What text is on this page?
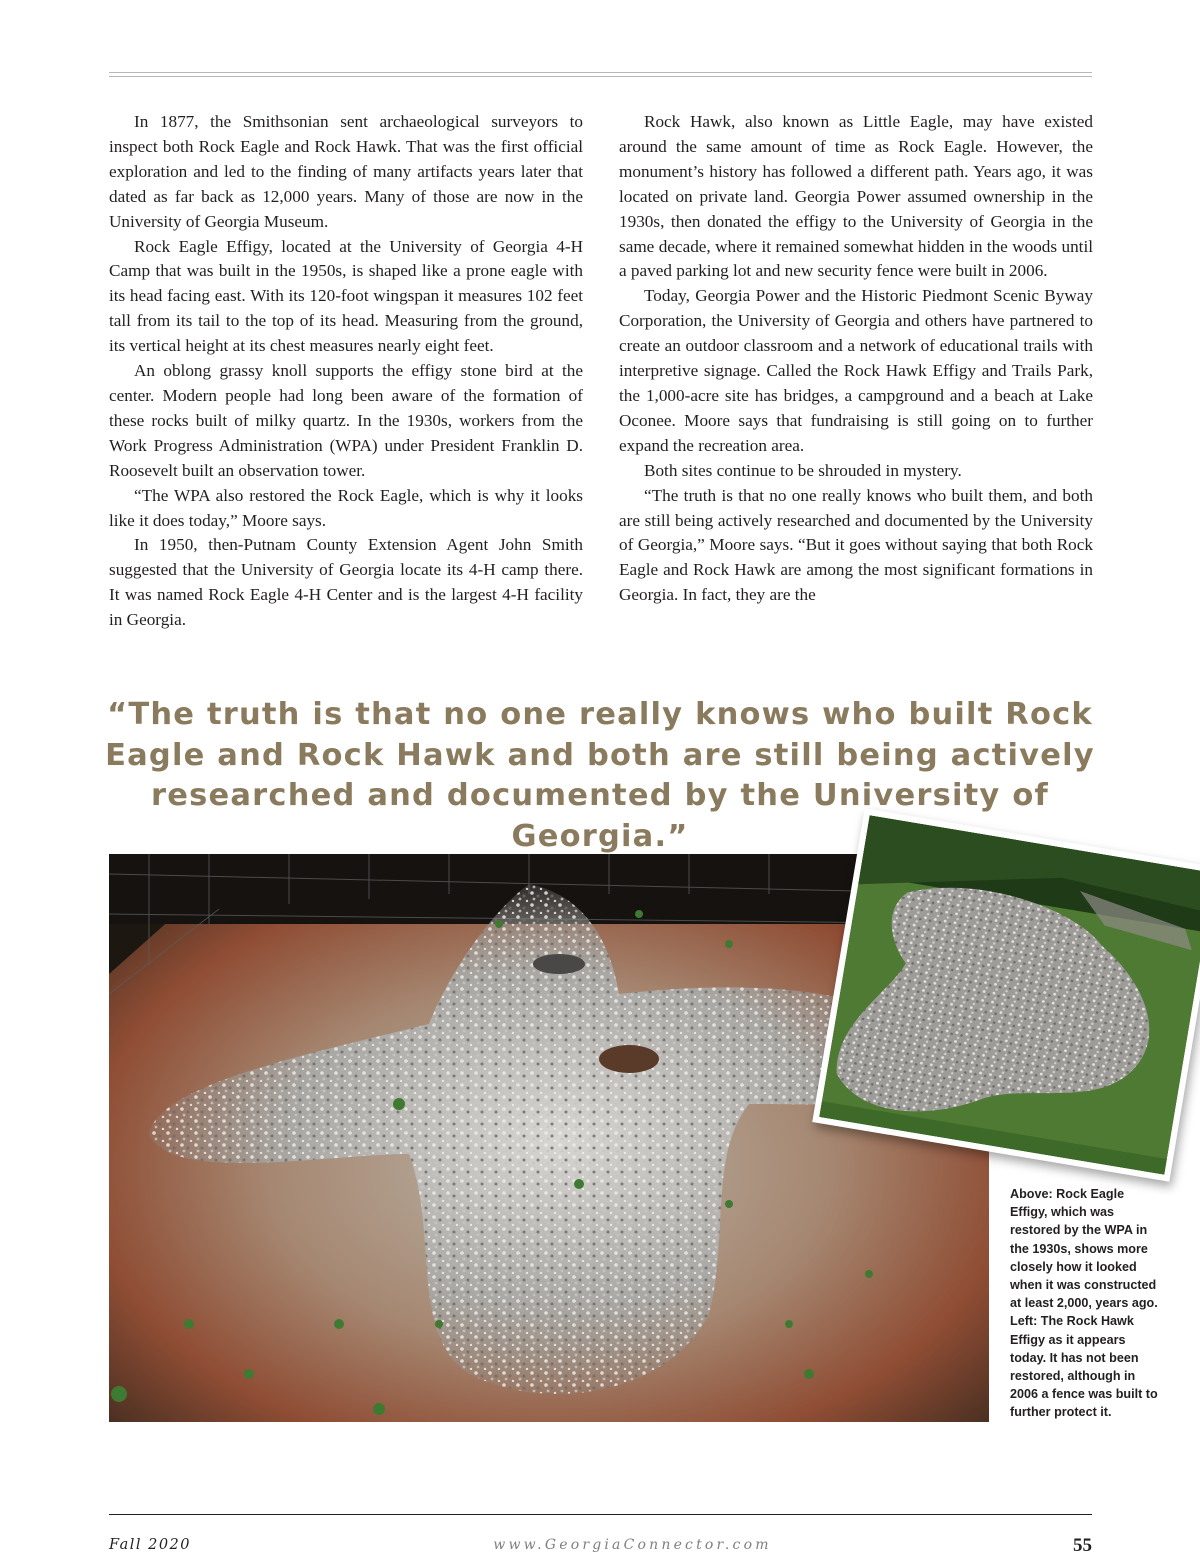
In 1877, the Smithsonian sent archaeological surveyors to inspect both Rock Eagle and Rock Hawk. That was the first official exploration and led to the finding of many artifacts years later that dated as far back as 12,000 years. Many of those are now in the University of Georgia Museum.

Rock Eagle Effigy, located at the University of Georgia 4-H Camp that was built in the 1950s, is shaped like a prone eagle with its head facing east. With its 120-foot wingspan it measures 102 feet tall from its tail to the top of its head. Measuring from the ground, its vertical height at its chest measures nearly eight feet.

An oblong grassy knoll supports the effigy stone bird at the center. Modern people had long been aware of the formation of these rocks built of milky quartz. In the 1930s, workers from the Work Progress Administration (WPA) under President Franklin D. Roosevelt built an observation tower.

“The WPA also restored the Rock Eagle, which is why it looks like it does today,” Moore says.

In 1950, then-Putnam County Extension Agent John Smith suggested that the University of Georgia locate its 4-H camp there. It was named Rock Eagle 4-H Center and is the largest 4-H facility in Georgia.

Rock Hawk, also known as Little Eagle, may have existed around the same amount of time as Rock Eagle. However, the monument’s history has followed a different path. Years ago, it was located on private land. Georgia Power assumed ownership in the 1930s, then donated the effigy to the University of Georgia in the same decade, where it remained somewhat hidden in the woods until a paved parking lot and new security fence were built in 2006.

Today, Georgia Power and the Historic Piedmont Scenic Byway Corporation, the University of Georgia and others have partnered to create an outdoor classroom and a network of educational trails with interpretive signage. Called the Rock Hawk Effigy and Trails Park, the 1,000-acre site has bridges, a campground and a beach at Lake Oconee. Moore says that fundraising is still going on to further expand the recreation area.

Both sites continue to be shrouded in mystery.

“The truth is that no one really knows who built them, and both are still being actively researched and documented by the University of Georgia,” Moore says. “But it goes without saying that both Rock Eagle and Rock Hawk are among the most significant formations in Georgia. In fact, they are the

“The truth is that no one really knows who built Rock Eagle and Rock Hawk and both are still being actively researched and documented by the University of Georgia.”
Above: Rock Eagle Effigy, which was restored by the WPA in the 1930s, shows more closely how it looked when it was constructed at least 2,000, years ago. Left: The Rock Hawk Effigy as it appears today. It has not been restored, although in 2006 a fence was built to further protect it.
Fall 2020	www.GeorgiaConnector.com	55
